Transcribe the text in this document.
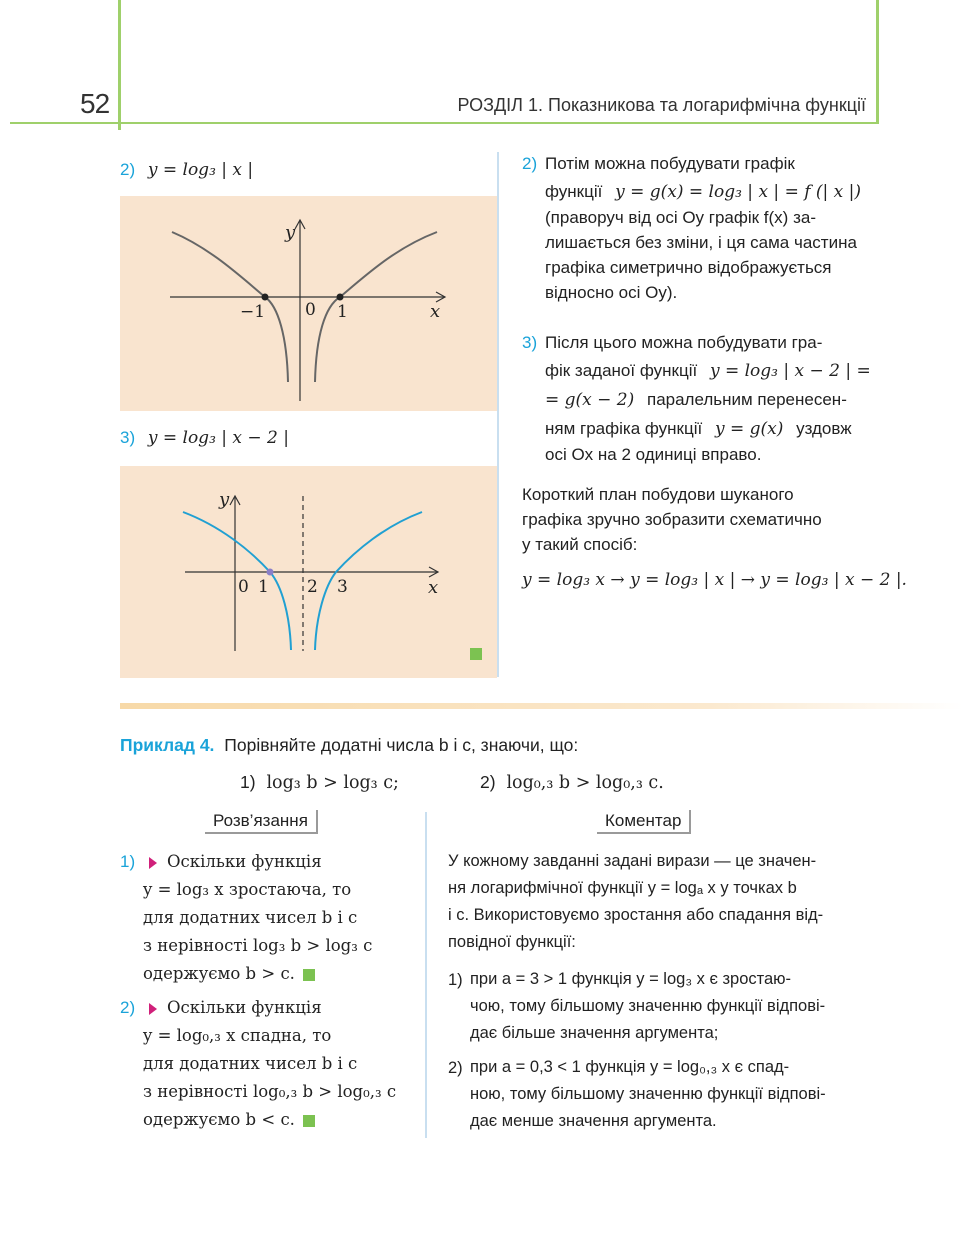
52	РОЗДІЛ 1. Показникова та логарифмічна функції
2) y = log₃ | x |
x
y
0
−1	1
3) y = log₃ | x − 2 |
x
y
0 1 2 3
2) Потім можна побудувати графік
функції y = g(x) = log₃ | x | = f (| x |)
(праворуч від осі Oy графік f(x) за-
лишається без зміни, і ця сама частина
графіка симетрично відображується
відносно осі Oy).
3) Після цього можна побудувати гра-
фік заданої функції y = log₃ | x − 2 | =
= g(x − 2) паралельним перенесен-
ням графіка функції y = g(x) уздовж
осі Ox на 2 одиниці вправо.
Короткий план побудови шуканого
графіка зручно зобразити схематично
у такий спосіб:
y = log₃ x → y = log₃ | x | → y = log₃ | x − 2 |.
Приклад 4. Порівняйте додатні числа b і c, знаючи, що:
1) log₃ b > log₃ c;	2) log₀,₃ b > log₀,₃ c.
Розв’язання	Коментар
1)	Оскільки функція
y = log₃ x зростаюча, то
для додатних чисел b і c
з нерівності log₃ b > log₃ c
одержуємо b > c.
2)	Оскільки функція
y = log₀,₃ x спадна, то
для додатних чисел b і c
з нерівності log₀,₃ b > log₀,₃ c
одержуємо b < c.
У кожному завданні задані вирази — це значен-
ня логарифмічної функції y = logₐ x у точках b
і c. Використовуємо зростання або спадання від-
повідної функції:
1) при a = 3 > 1 функція y = log₃ x є зростаю-
чою, тому більшому значенню функції відпові-
дає більше значення аргумента;
2) при a = 0,3 < 1 функція y = log₀,₃ x є спад-
ною, тому більшому значенню функції відпові-
дає менше значення аргумента.
